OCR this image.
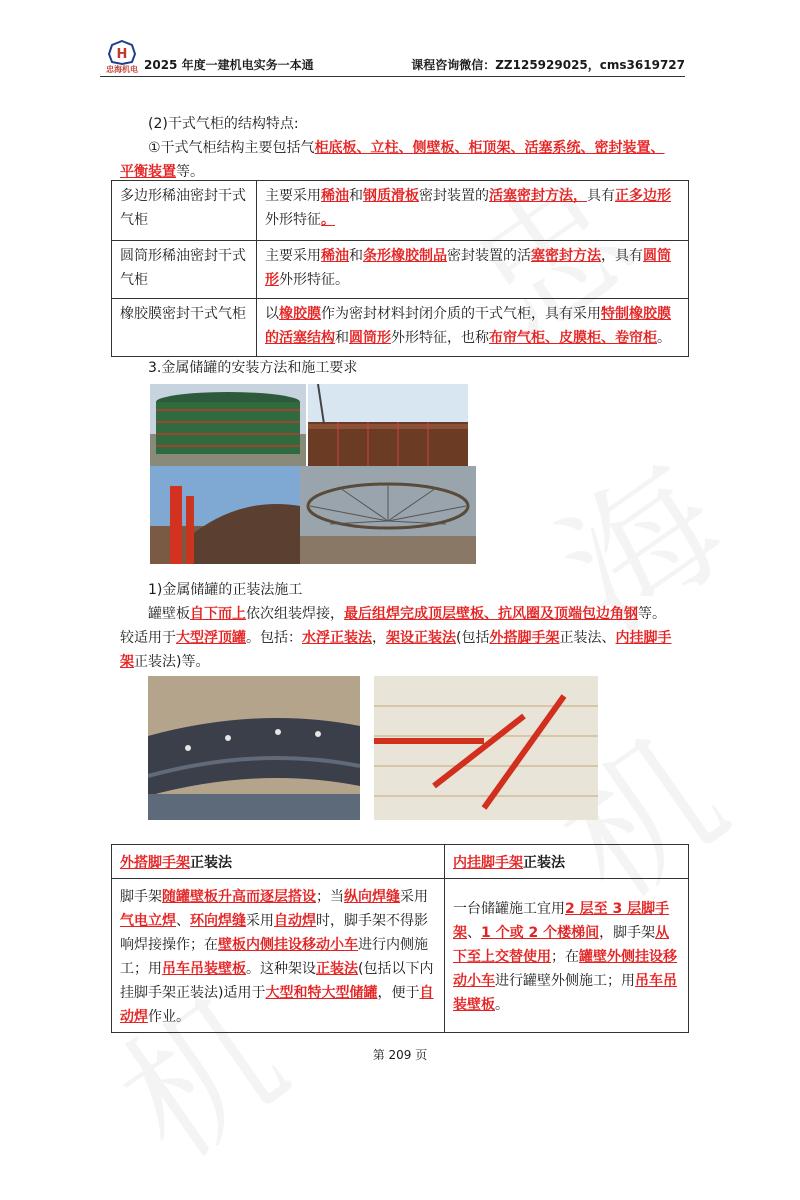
H
忠海机电 2025 年度一建机电实务一本通	课程咨询微信：ZZ125929025，cms3619727
(2)干式气柜的结构特点:
①干式气柜结构主要包括气柜底板、立柱、侧壁板、柜顶架、活塞系统、密封装置、
平衡装置等。
多边形稀油密封干式气柜	主要采用稀油和钢质滑板密封装置的活塞密封方法，具有正多边形外形特征。
圆筒形稀油密封干式气柜	主要采用稀油和条形橡胶制品密封装置的活塞密封方法，具有圆筒形外形特征。
橡胶膜密封干式气柜	以橡胶膜作为密封材料封闭介质的干式气柜，具有采用特制橡胶膜的活塞结构和圆筒形外形特征，也称布帘气柜、皮膜柜、卷帘柜。
3.金属储罐的安装方法和施工要求
1)金属储罐的正装法施工
罐壁板自下而上依次组装焊接，最后组焊完成顶层壁板、抗风圈及顶端包边角钢等。
较适用于大型浮顶罐。包括：水浮正装法，架设正装法(包括外搭脚手架正装法、内挂脚手
架正装法)等。
外搭脚手架正装法	内挂脚手架正装法
脚手架随罐壁板升高而逐层搭设；当纵向焊缝采用气电立焊、环向焊缝采用自动焊时，脚手架不得影响焊接操作；在壁板内侧挂设移动小车进行内侧施工；用吊车吊装壁板。这种架设正装法(包括以下内挂脚手架正装法)适用于大型和特大型储罐，便于自动焊作业。	一台储罐施工宜用2 层至 3 层脚手架、1 个或 2 个楼梯间，脚手架从下至上交替使用；在罐壁外侧挂设移动小车进行罐壁外侧施工；用吊车吊装壁板。
第 209 页
